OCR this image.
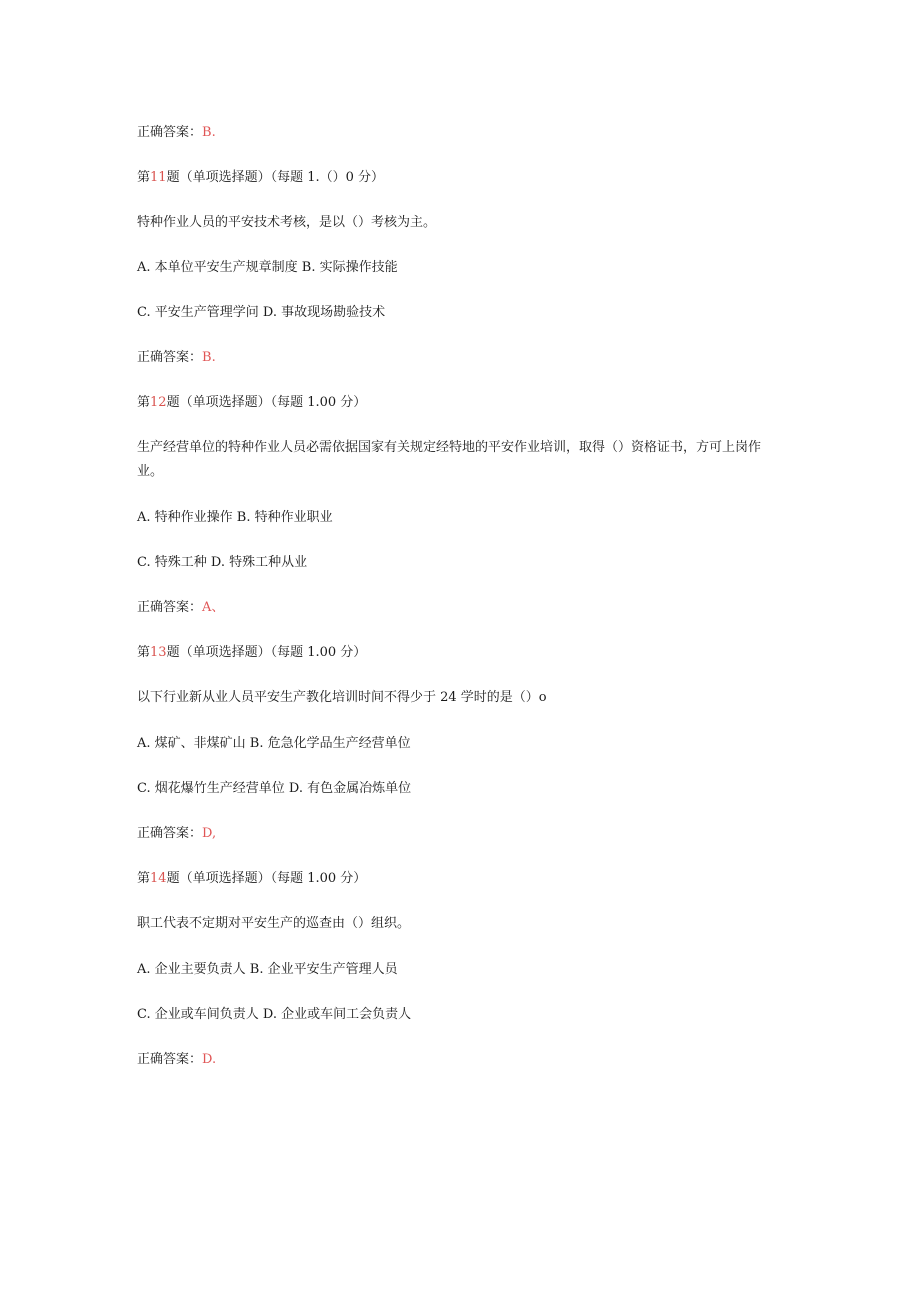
正确答案：B.
第11题（单项选择题）（每题 1.（）0 分）
特种作业人员的平安技术考核，是以（）考核为主。
A. 本单位平安生产规章制度 B. 实际操作技能
C. 平安生产管理学问 D. 事故现场勘验技术
正确答案：B.
第12题（单项选择题）（每题 1.00 分）
生产经营单位的特种作业人员必需依据国家有关规定经特地的平安作业培训，取得（）资格证书，方可上岗作业。
A. 特种作业操作 B. 特种作业职业
C. 特殊工种 D. 特殊工种从业
正确答案：A、
第13题（单项选择题）（每题 1.00 分）
以下行业新从业人员平安生产教化培训时间不得少于 24 学时的是（）o
A. 煤矿、非煤矿山 B. 危急化学品生产经营单位
C. 烟花爆竹生产经营单位 D. 有色金属冶炼单位
正确答案：D,
第14题（单项选择题）（每题 1.00 分）
职工代表不定期对平安生产的巡查由（）组织。
A. 企业主要负责人 B. 企业平安生产管理人员
C. 企业或车间负责人 D. 企业或车间工会负责人
正确答案：D.
